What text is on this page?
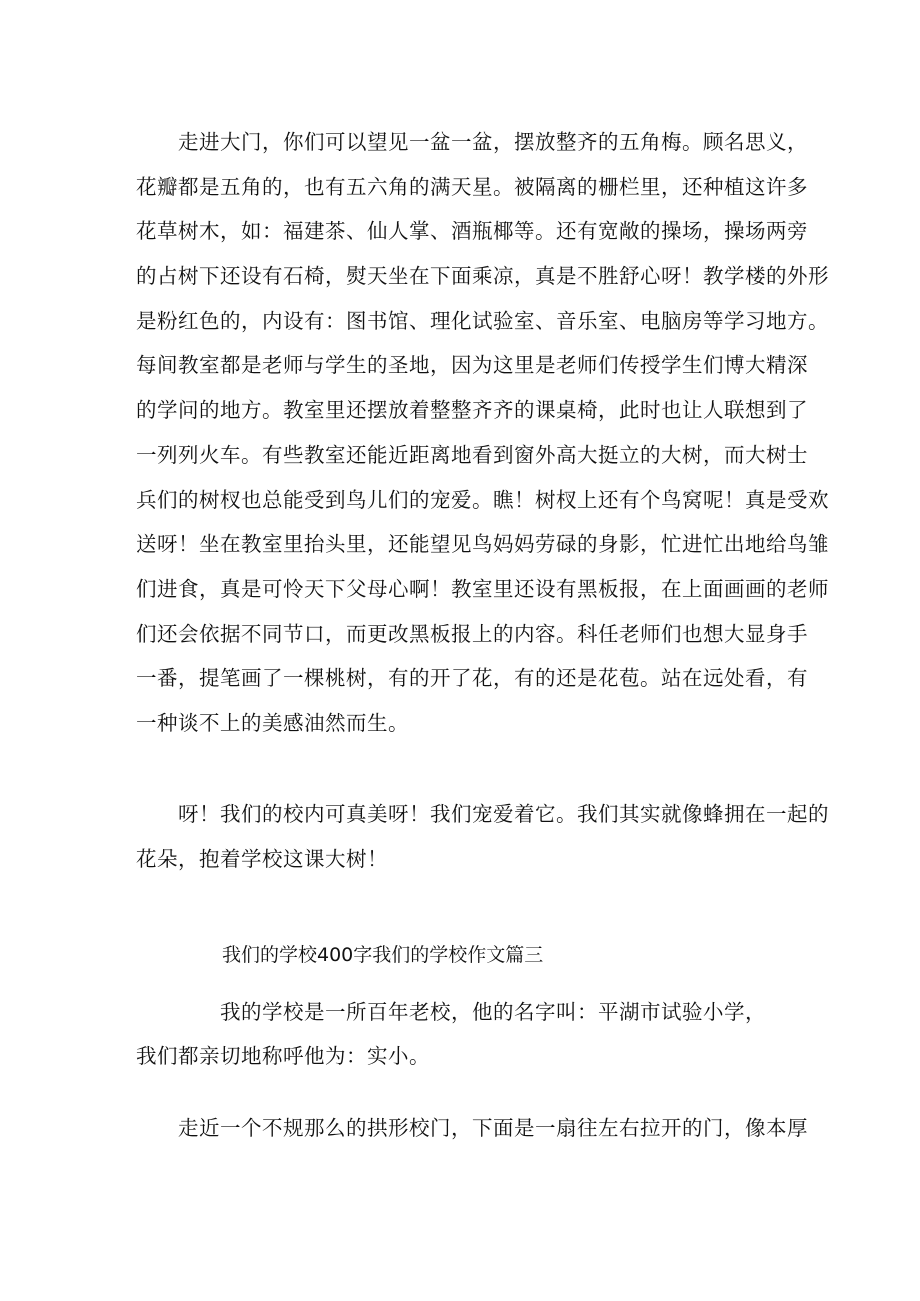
　　走进大门，你们可以望见一盆一盆，摆放整齐的五角梅。顾名思义，
花瓣都是五角的，也有五六角的满天星。被隔离的栅栏里，还种植这许多
花草树木，如：福建茶、仙人掌、酒瓶椰等。还有宽敞的操场，操场两旁
的占树下还设有石椅，熨天坐在下面乘凉，真是不胜舒心呀！教学楼的外形
是粉红色的，内设有：图书馆、理化试验室、音乐室、电脑房等学习地方。
每间教室都是老师与学生的圣地，因为这里是老师们传授学生们博大精深
的学问的地方。教室里还摆放着整整齐齐的课桌椅，此时也让人联想到了
一列列火车。有些教室还能近距离地看到窗外高大挺立的大树，而大树士
兵们的树杈也总能受到鸟儿们的宠爱。瞧！树杈上还有个鸟窝呢！真是受欢
送呀！坐在教室里抬头里，还能望见鸟妈妈劳碌的身影，忙进忙出地给鸟雏
们进食，真是可怜天下父母心啊！教室里还设有黑板报，在上面画画的老师
们还会依据不同节口，而更改黑板报上的内容。科任老师们也想大显身手
一番，提笔画了一棵桃树，有的开了花，有的还是花苞。站在远处看，有
一种谈不上的美感油然而生。
　　呀！我们的校内可真美呀！我们宠爱着它。我们其实就像蜂拥在一起的
花朵，抱着学校这课大树！
我们的学校400字我们的学校作文篇三
　　　　我的学校是一所百年老校，他的名字叫：平湖市试验小学，
我们都亲切地称呼他为：实小。
　　走近一个不规那么的拱形校门，下面是一扇往左右拉开的门，像本厚
